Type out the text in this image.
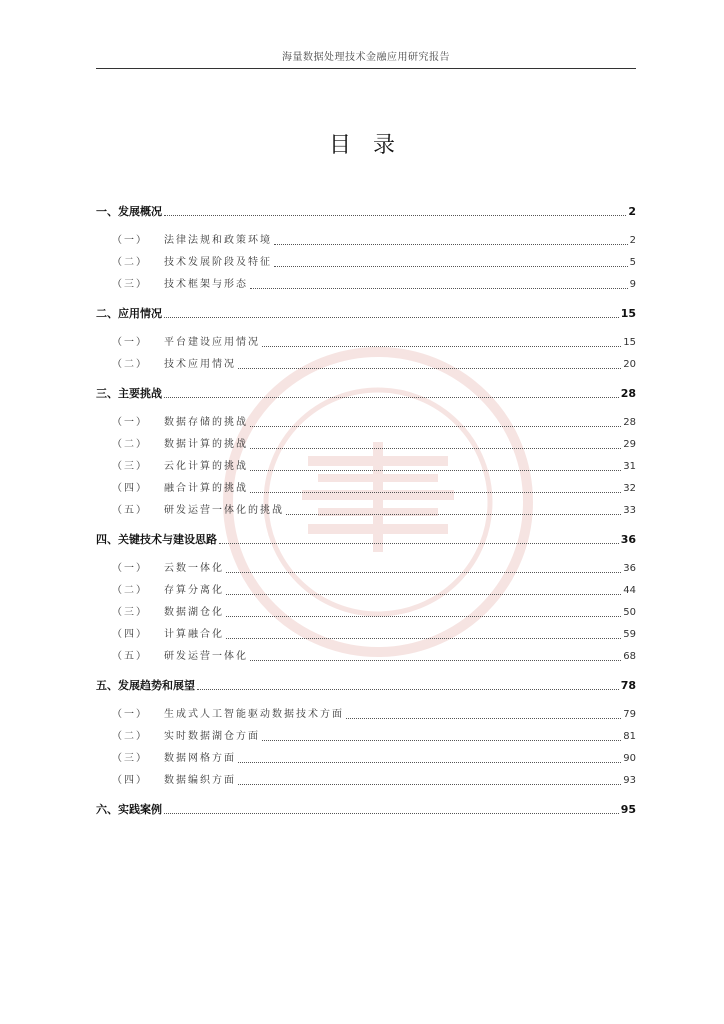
海量数据处理技术金融应用研究报告
目录
一、 发展概况	2
（一）	法律法规和政策环境	2
（二）	技术发展阶段及特征	5
（三）	技术框架与形态	9
二、 应用情况	15
（一）	平台建设应用情况	15
（二）	技术应用情况	20
三、 主要挑战	28
（一）	数据存储的挑战	28
（二）	数据计算的挑战	29
（三）	云化计算的挑战	31
（四）	融合计算的挑战	32
（五）	研发运营一体化的挑战	33
四、 关键技术与建设思路	36
（一）	云数一体化	36
（二）	存算分离化	44
（三）	数据湖仓化	50
（四）	计算融合化	59
（五）	研发运营一体化	68
五、 发展趋势和展望	78
（一）	生成式人工智能驱动数据技术方面	79
（二）	实时数据湖仓方面	81
（三）	数据网格方面	90
（四）	数据编织方面	93
六、 实践案例	95
